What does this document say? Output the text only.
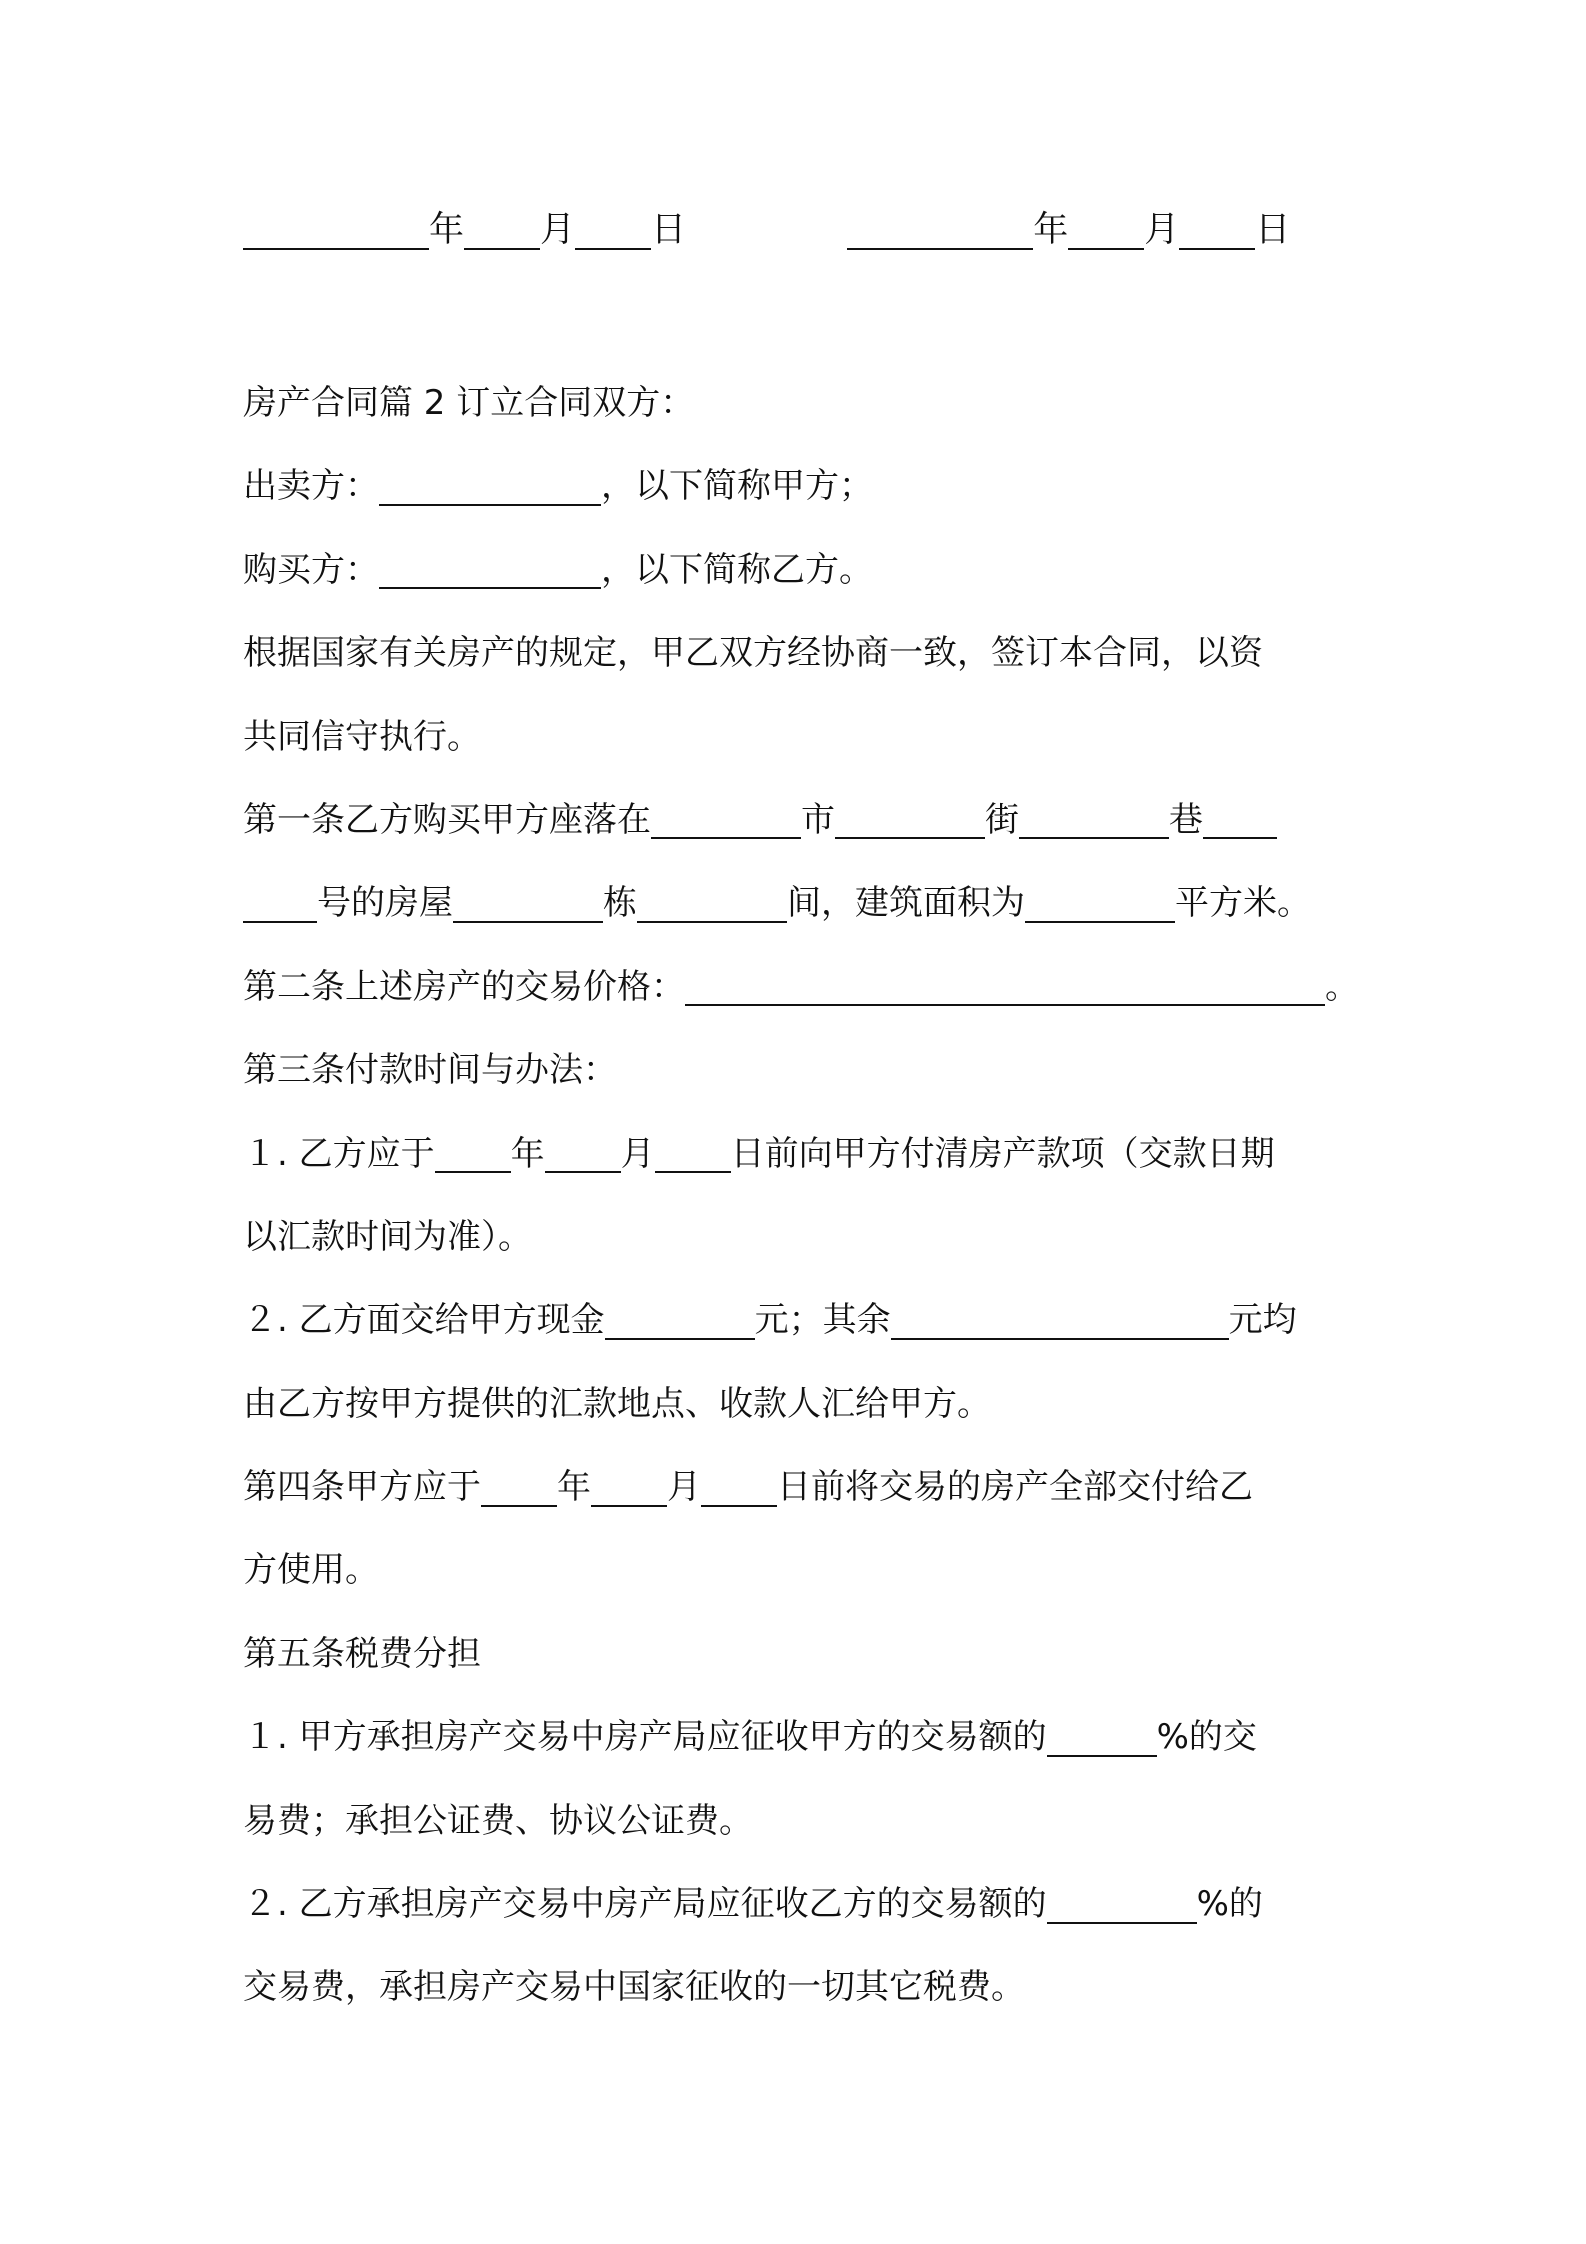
年 月 日	年 月 日
房产合同篇 2 订立合同双方：
出卖方：	，以下简称甲方；
购买方：	，以下简称乙方。
根据国家有关房产的规定，甲乙双方经协商一致，签订本合同，以资
共同信守执行。
第一条乙方购买甲方座落在	市	街	巷
号的房屋	栋	间，建筑面积为	平方米。
第二条上述房产的交易价格：	。
第三条付款时间与办法：
１. 乙方应于 年 月 日前向甲方付清房产款项（交款日期
以汇款时间为准）。
２. 乙方面交给甲方现金	元；其余	元均
由乙方按甲方提供的汇款地点、收款人汇给甲方。
第四条甲方应于 年 月 日前将交易的房产全部交付给乙
方使用。
第五条税费分担
１. 甲方承担房产交易中房产局应征收甲方的交易额的	%的交
易费；承担公证费、协议公证费。
２. 乙方承担房产交易中房产局应征收乙方的交易额的	%的
交易费，承担房产交易中国家征收的一切其它税费。
